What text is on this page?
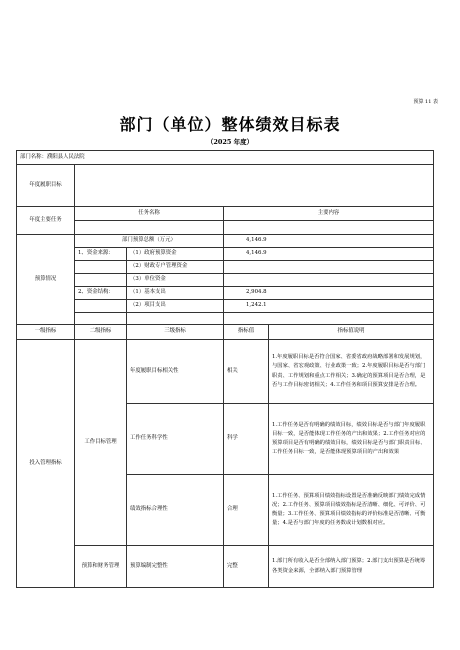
预算 11 表
部门（单位）整体绩效目标表
（2025 年度）
部门名称：濮阳县人民法院				
年度履职目标				
年度主要任务	任务名称		主要内容	

预算情况	部门预算总额（万元）		4,146.9	
	1、资金来源：	（1）政府预算资金	4,146.9	
		（2）财政专户管理资金		
		（3）单位资金		
	2、资金结构：	（1）基本支出	2,904.8	
		（2）项目支出	1,242.1	

一级指标	二级指标	三级指标	指标值	指标值说明
投入管理指标	工作目标管理	年度履职目标相关性	相关	1.年度履职目标是否符合国家、省委省政府战略部署和发展规划，与国家、省宏观政策、行业政策一致；2.年度履职目标是否与部门职责、工作规划和重点工作相关；3.确定的预算项目是否合理，是否与工作目标密切相关；4.工作任务和项目预算安排是否合理。
		工作任务科学性	科学	1.工作任务是否有明确的绩效目标，绩效目标是否与部门年度履职目标一致，是否能体现工作任务的产出和效果；2.工作任务对应的预算项目是否有明确的绩效目标，绩效目标是否与部门职责目标、工作任务目标一致，是否能体现预算项目的产出和效果
		绩效指标合理性	合理	1.工作任务、预算项目绩效指标设置是否准确反映部门绩效完成情况；2.工作任务、预算项目绩效指标是否清晰、细化、可评价、可衡量；3.工作任务、预算项目绩效指标的评价标准是否清晰、可衡量；4.是否与部门年度的任务数或计划数相对应。
	预算和财务管理	预算编制完整性	完整	1.部门所有收入是否全部纳入部门预算；2.部门支出预算是否统筹各类资金来源，全部纳入部门预算管理
